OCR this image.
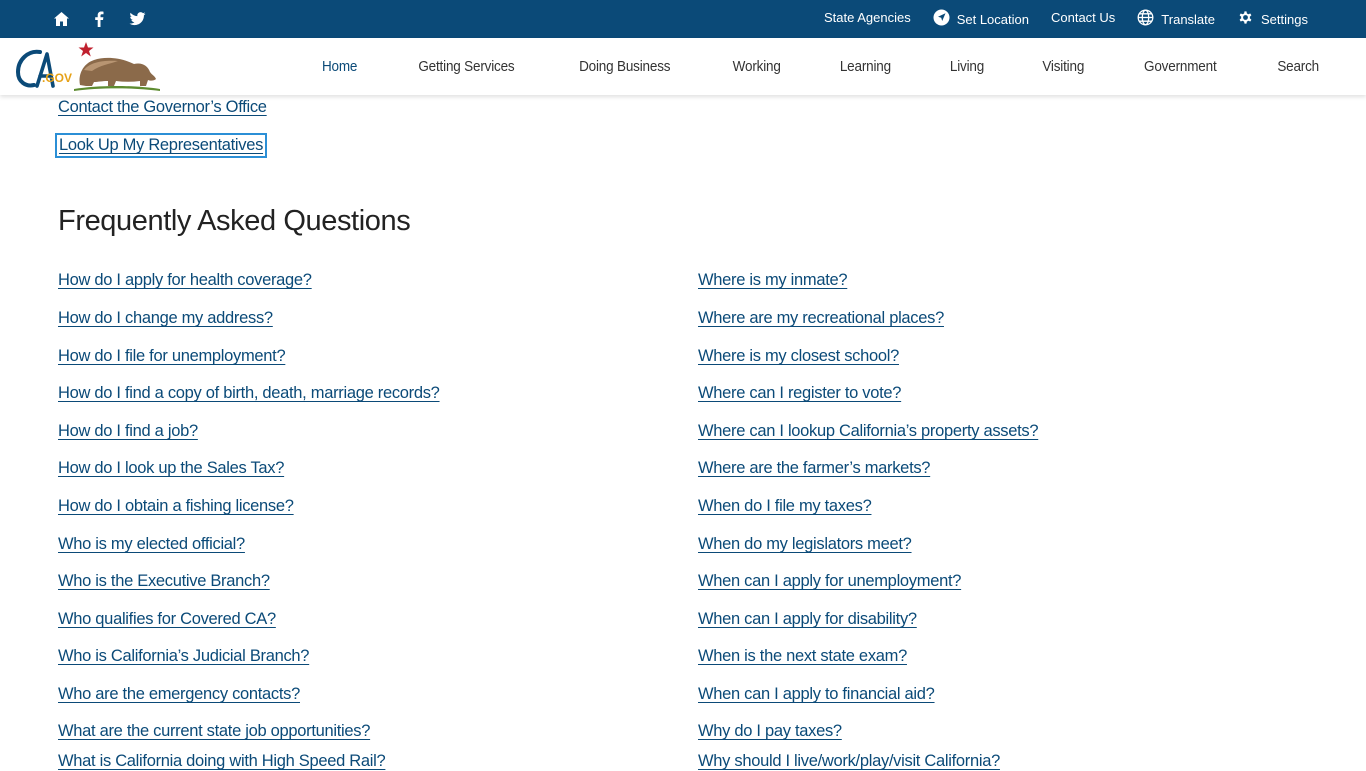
State Agencies	Set Location Contact Us	Translate	Settings
.GOV
Home	Getting Services	Doing Business	Working	Learning	Living	Visiting	Government	Search
Contact the Governor’s Office
Look Up My Representatives
Frequently Asked Questions
How do I apply for health coverage?
How do I change my address?
How do I file for unemployment?
How do I find a copy of birth, death, marriage records?
How do I find a job?
How do I look up the Sales Tax?
How do I obtain a fishing license?
Who is my elected official?
Who is the Executive Branch?
Who qualifies for Covered CA?
Who is California’s Judicial Branch?
Who are the emergency contacts?
What are the current state job opportunities?
What is California doing with High Speed Rail?
Where is my inmate?
Where are my recreational places?
Where is my closest school?
Where can I register to vote?
Where can I lookup California’s property assets?
Where are the farmer’s markets?
When do I file my taxes?
When do my legislators meet?
When can I apply for unemployment?
When can I apply for disability?
When is the next state exam?
When can I apply to financial aid?
Why do I pay taxes?
Why should I live/work/play/visit California?
